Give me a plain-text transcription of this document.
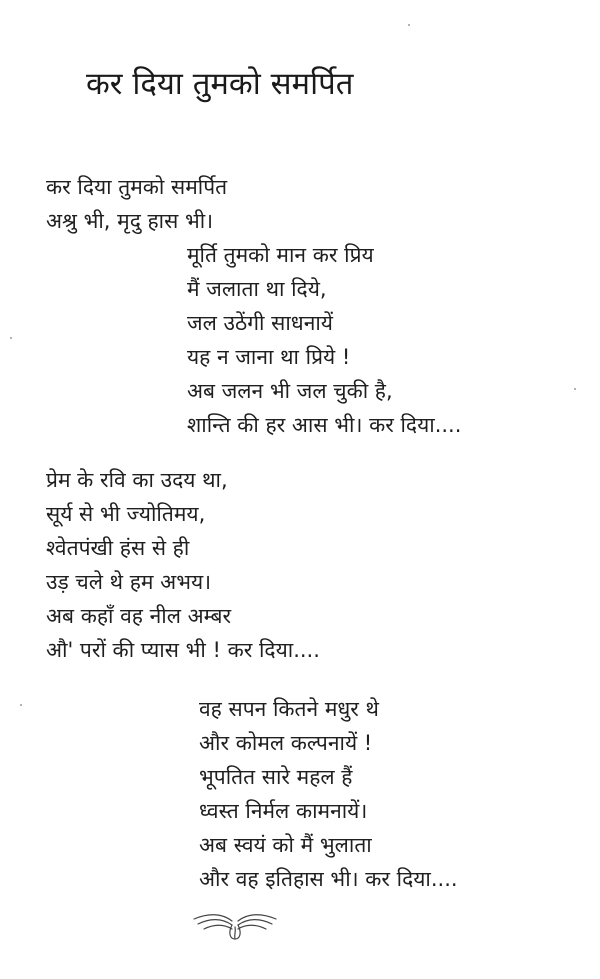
कर दिया तुमको समर्पित
कर दिया तुमको समर्पित
अश्रु भी, मृदु हास भी।
मूर्ति तुमको मान कर प्रिय
मैं जलाता था दिये,
जल उठेंगी साधनायें
यह न जाना था प्रिये !
अब जलन भी जल चुकी है,
शान्ति की हर आस भी। कर दिया....
प्रेम के रवि का उदय था,
सूर्य से भी ज्योतिमय,
श्वेतपंखी हंस से ही
उड़ चले थे हम अभय।
अब कहाँ वह नील अम्बर
औ' परों की प्यास भी ! कर दिया....
वह सपन कितने मधुर थे
और कोमल कल्पनायें !
भूपतित सारे महल हैं
ध्वस्त निर्मल कामनायें।
अब स्वयं को मैं भुलाता
और वह इतिहास भी। कर दिया....
